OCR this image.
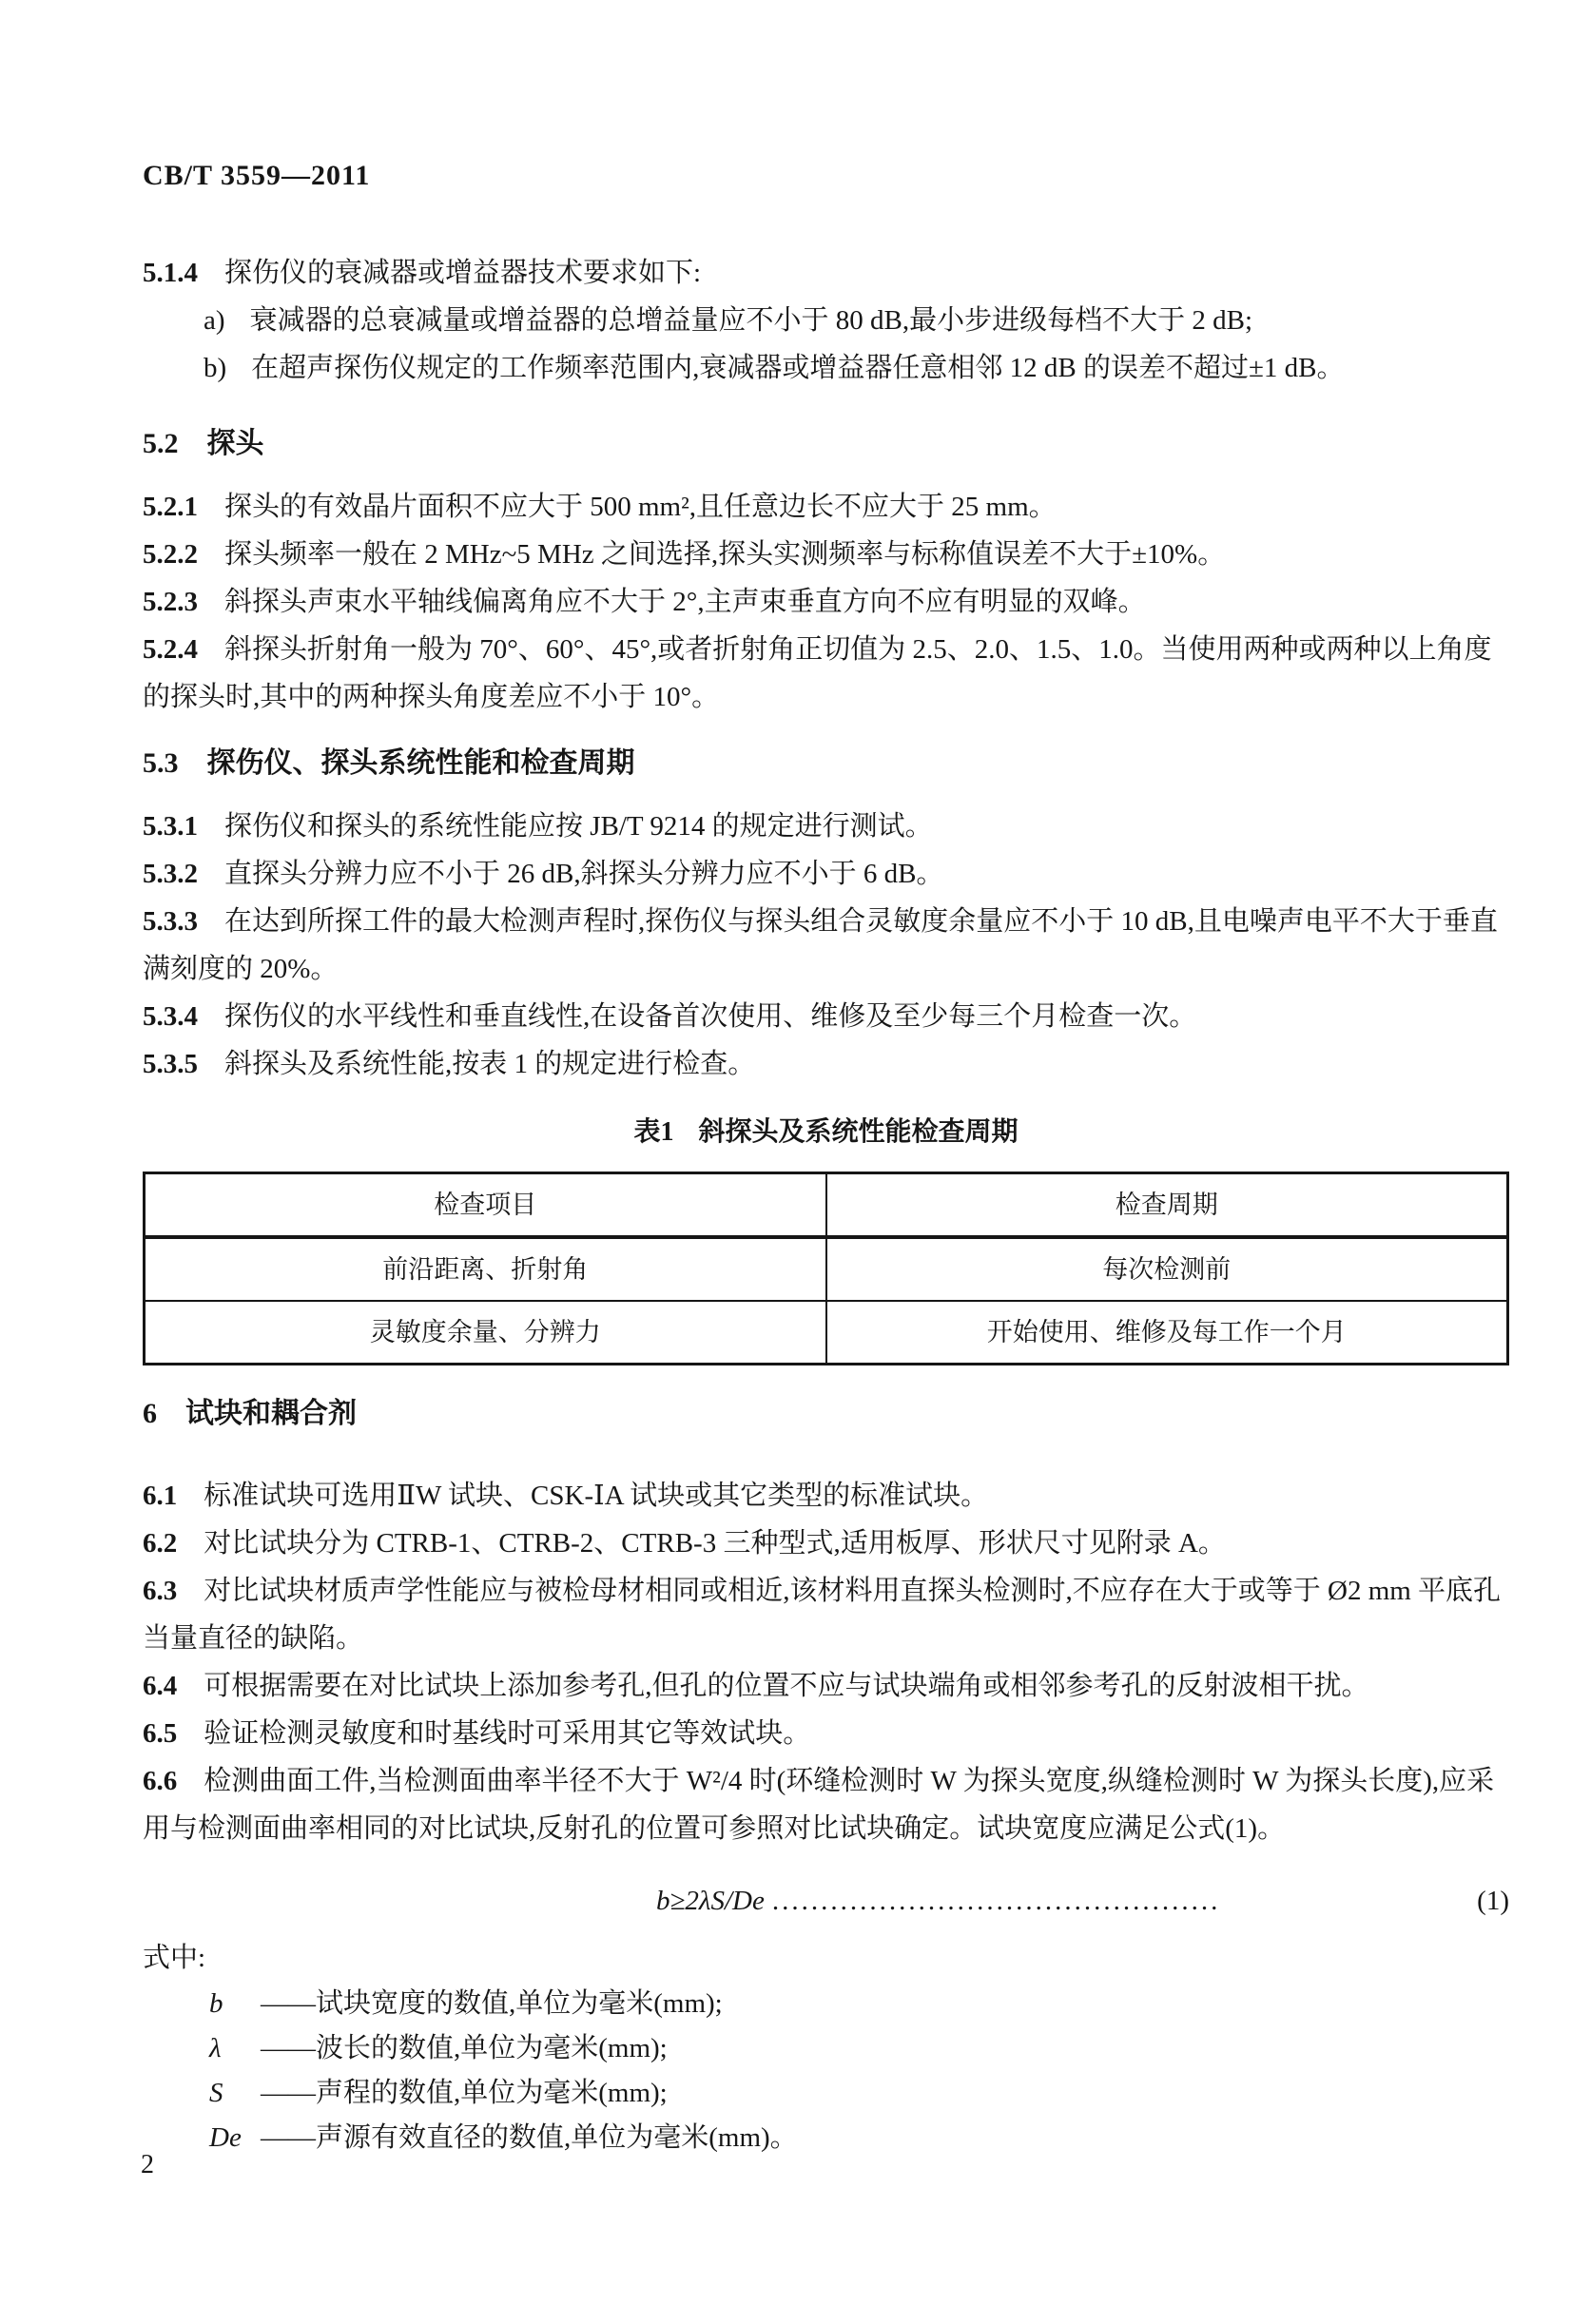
CB/T 3559—2011

5.1.4 探伤仪的衰减器或增益器技术要求如下:

a) 衰减器的总衰减量或增益器的总增益量应不小于 80 dB,最小步进级每档不大于 2 dB;

b) 在超声探伤仪规定的工作频率范围内,衰减器或增益器任意相邻 12 dB 的误差不超过±1 dB。

5.2 探头

5.2.1 探头的有效晶片面积不应大于 500 mm²,且任意边长不应大于 25 mm。

5.2.2 探头频率一般在 2 MHz~5 MHz 之间选择,探头实测频率与标称值误差不大于±10%。

5.2.3 斜探头声束水平轴线偏离角应不大于 2°,主声束垂直方向不应有明显的双峰。

5.2.4 斜探头折射角一般为 70°、60°、45°,或者折射角正切值为 2.5、2.0、1.5、1.0。当使用两种或两种以上角度的探头时,其中的两种探头角度差应不小于 10°。

5.3 探伤仪、探头系统性能和检查周期

5.3.1 探伤仪和探头的系统性能应按 JB/T 9214 的规定进行测试。

5.3.2 直探头分辨力应不小于 26 dB,斜探头分辨力应不小于 6 dB。

5.3.3 在达到所探工件的最大检测声程时,探伤仪与探头组合灵敏度余量应不小于 10 dB,且电噪声电平不大于垂直满刻度的 20%。

5.3.4 探伤仪的水平线性和垂直线性,在设备首次使用、维修及至少每三个月检查一次。

5.3.5 斜探头及系统性能,按表 1 的规定进行检查。

表1 斜探头及系统性能检查周期

检查项目	检查周期
前沿距离、折射角	每次检测前
灵敏度余量、分辨力	开始使用、维修及每工作一个月

6 试块和耦合剂

6.1 标准试块可选用ⅡW 试块、CSK-ⅠA 试块或其它类型的标准试块。

6.2 对比试块分为 CTRB-1、CTRB-2、CTRB-3 三种型式,适用板厚、形状尺寸见附录 A。

6.3 对比试块材质声学性能应与被检母材相同或相近,该材料用直探头检测时,不应存在大于或等于 Ø2 mm 平底孔当量直径的缺陷。

6.4 可根据需要在对比试块上添加参考孔,但孔的位置不应与试块端角或相邻参考孔的反射波相干扰。

6.5 验证检测灵敏度和时基线时可采用其它等效试块。

6.6 检测曲面工件,当检测面曲率半径不大于 W²/4 时(环缝检测时 W 为探头宽度,纵缝检测时 W 为探头长度),应采用与检测面曲率相同的对比试块,反射孔的位置可参照对比试块确定。试块宽度应满足公式(1)。

b≥2λS/De ..............................................	(1)

式中:

b ——试块宽度的数值,单位为毫米(mm);

λ ——波长的数值,单位为毫米(mm);

S ——声程的数值,单位为毫米(mm);

De ——声源有效直径的数值,单位为毫米(mm)。

2
